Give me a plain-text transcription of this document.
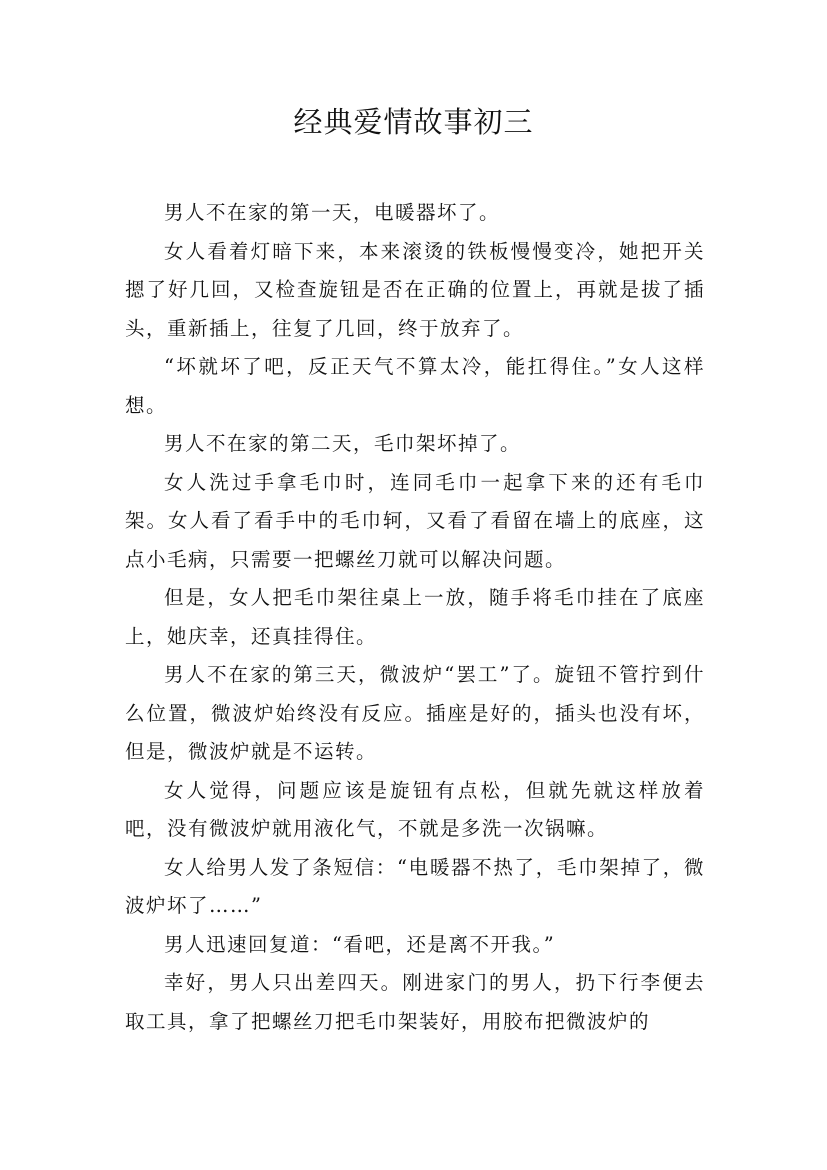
经典爱情故事初三

男人不在家的第一天，电暖器坏了。

女人看着灯暗下来，本来滚烫的铁板慢慢变冷，她把开关摁了好几回，又检查旋钮是否在正确的位置上，再就是拔了插头，重新插上，往复了几回，终于放弃了。

“坏就坏了吧，反正天气不算太冷，能扛得住。”女人这样想。

男人不在家的第二天，毛巾架坏掉了。

女人洗过手拿毛巾时，连同毛巾一起拿下来的还有毛巾架。女人看了看手中的毛巾轲，又看了看留在墙上的底座，这点小毛病，只需要一把螺丝刀就可以解决问题。

但是，女人把毛巾架往桌上一放，随手将毛巾挂在了底座上，她庆幸，还真挂得住。

男人不在家的第三天，微波炉“罢工”了。旋钮不管拧到什么位置，微波炉始终没有反应。插座是好的，插头也没有坏，但是，微波炉就是不运转。

女人觉得，问题应该是旋钮有点松，但就先就这样放着吧，没有微波炉就用液化气，不就是多洗一次锅嘛。

女人给男人发了条短信：“电暖器不热了，毛巾架掉了，微波炉坏了……”

男人迅速回复道：“看吧，还是离不开我。”

幸好，男人只出差四天。刚进家门的男人，扔下行李便去取工具，拿了把螺丝刀把毛巾架装好，用胶布把微波炉的
